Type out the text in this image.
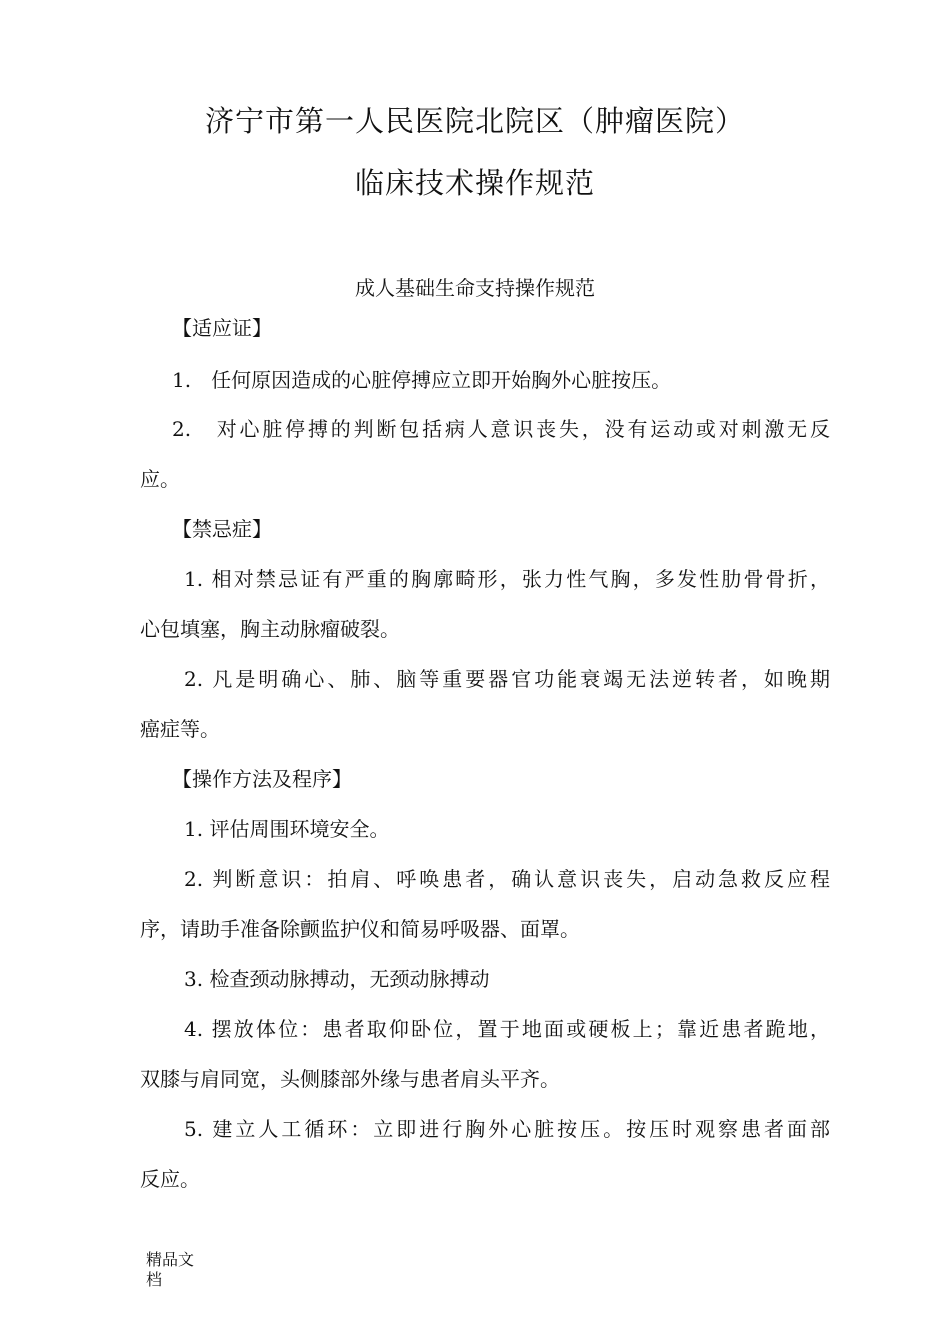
济宁市第一人民医院北院区（肿瘤医院）
临床技术操作规范
成人基础生命支持操作规范
【适应证】
1.　任何原因造成的心脏停搏应立即开始胸外心脏按压。
2.　对心脏停搏的判断包括病人意识丧失，没有运动或对刺激无反
应。
【禁忌症】
1. 相对禁忌证有严重的胸廓畸形，张力性气胸，多发性肋骨骨折，
心包填塞，胸主动脉瘤破裂。
2. 凡是明确心、肺、脑等重要器官功能衰竭无法逆转者，如晚期
癌症等。
【操作方法及程序】
1. 评估周围环境安全。
2. 判断意识：拍肩、呼唤患者，确认意识丧失，启动急救反应程
序，请助手准备除颤监护仪和简易呼吸器、面罩。
3. 检查颈动脉搏动，无颈动脉搏动
4. 摆放体位：患者取仰卧位，置于地面或硬板上；靠近患者跪地，
双膝与肩同宽，头侧膝部外缘与患者肩头平齐。
5. 建立人工循环：立即进行胸外心脏按压。按压时观察患者面部
反应。
精品文档
